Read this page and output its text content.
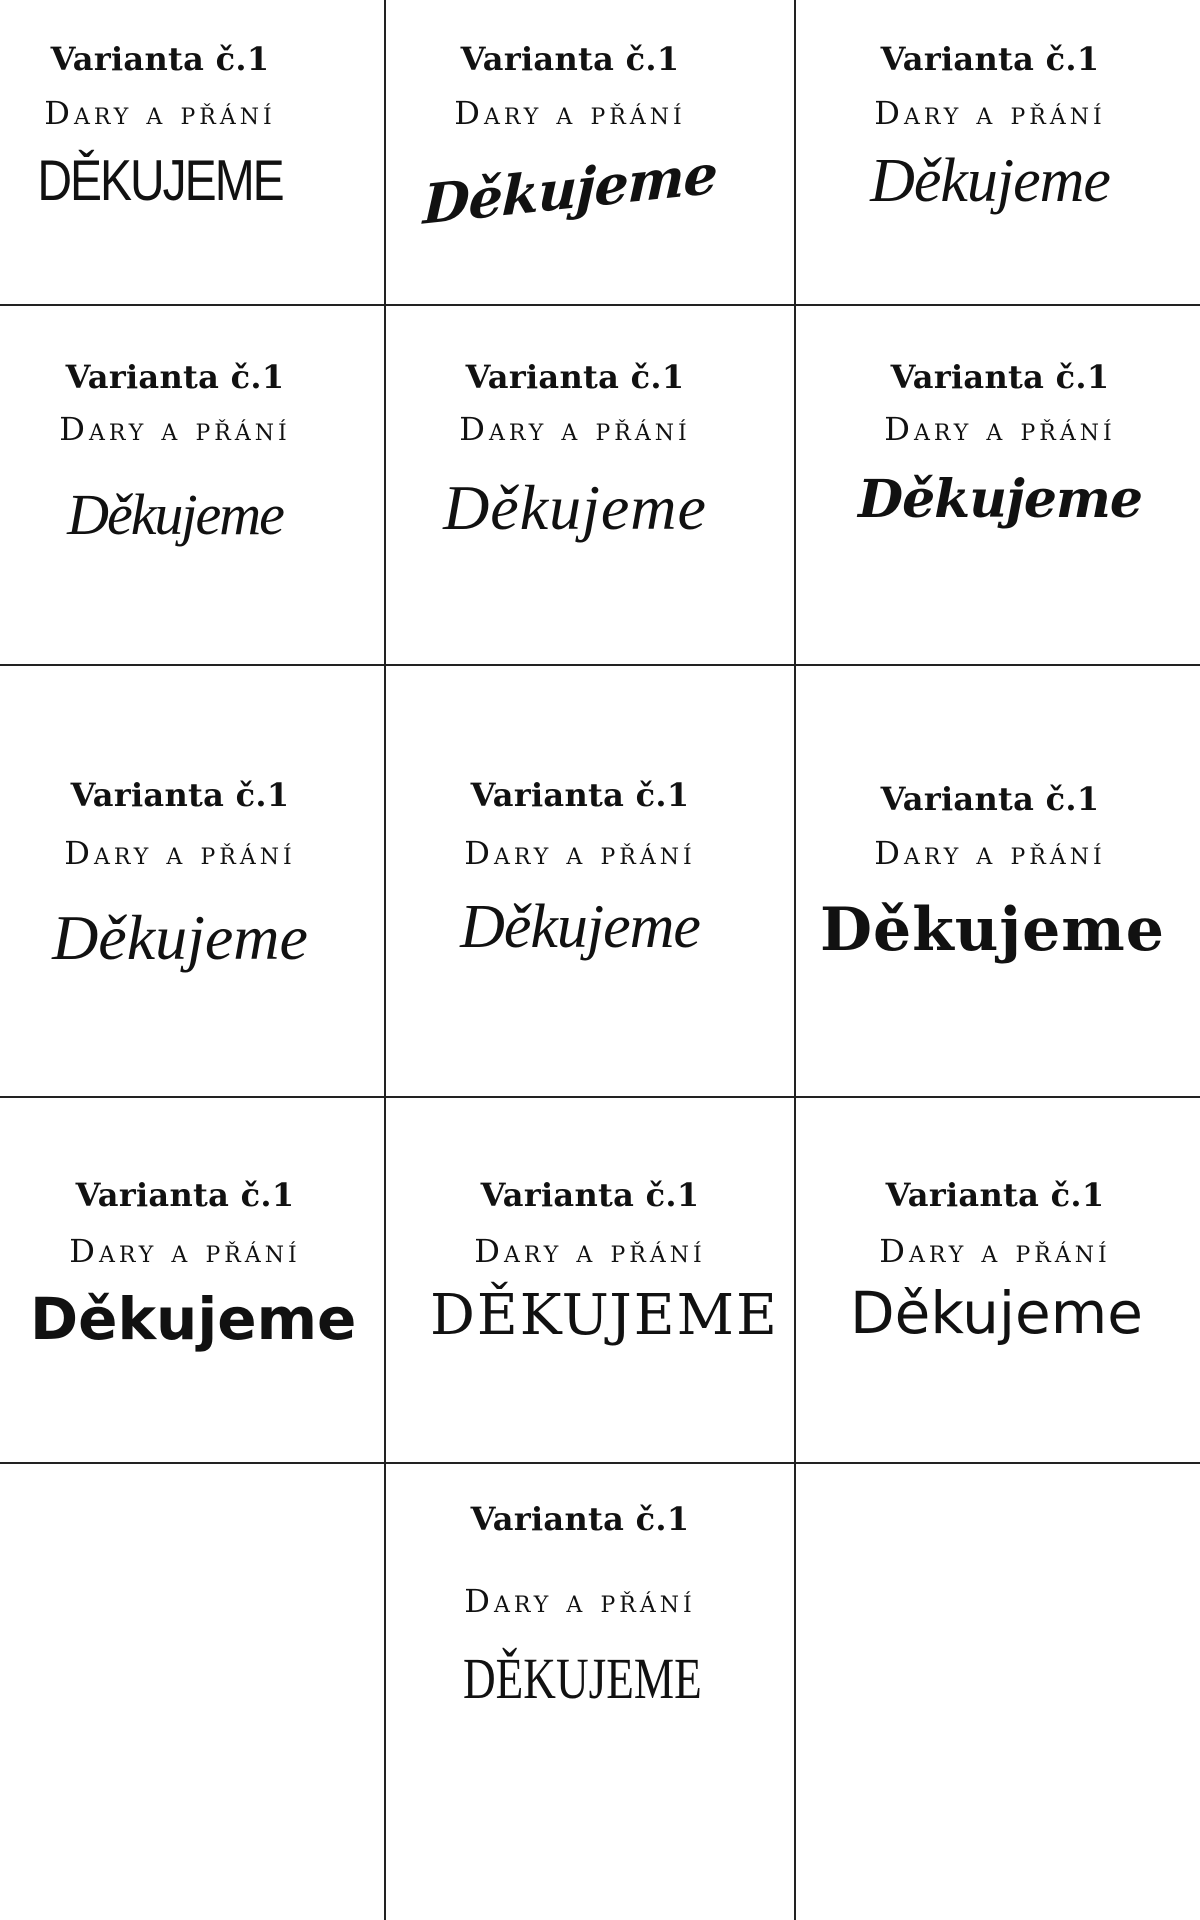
Varianta č.1
Dary a přání
DĚKUJEME
Varianta č.1
Dary a přání
Děkujeme
Varianta č.1
Dary a přání
Děkujeme
Varianta č.1
Dary a přání
Děkujeme
Varianta č.1
Dary a přání
Děkujeme
Varianta č.1
Dary a přání
Děkujeme
Varianta č.1
Dary a přání
Děkujeme
Varianta č.1
Dary a přání
Děkujeme
Varianta č.1
Dary a přání
Děkujeme
Varianta č.1
Dary a přání
Děkujeme
Varianta č.1
Dary a přání
DĚKUJEME
Varianta č.1
Dary a přání
Děkujeme
Varianta č.1
Dary a přání
DĚKUJEME
